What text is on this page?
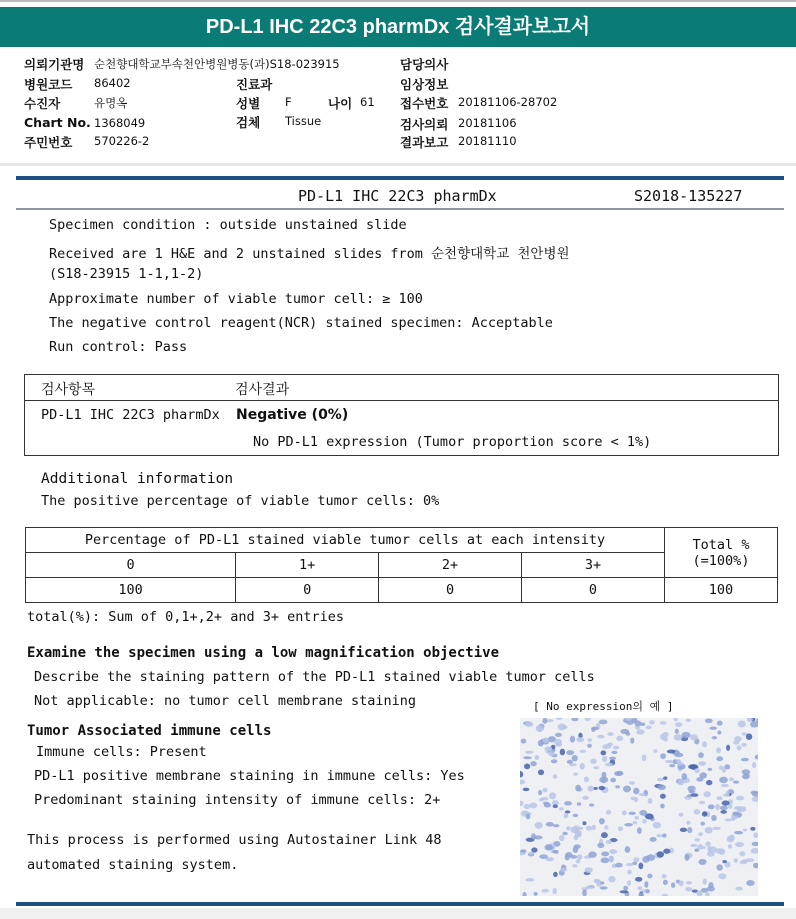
PD-L1 IHC 22C3 pharmDx 검사결과보고서
의뢰기관명 순천향대학교부속천안병원병동(과)S18-023915
병원코드 86402
수진자	유명옥
Chart No. 1368049
주민번호 570226-2
진료과
성별 F	나이 61
검체 Tissue
담당의사
임상정보
접수번호 20181106-28702
검사의뢰 20181106
결과보고 20181110
PD-L1 IHC 22C3 pharmDx	S2018-135227
Specimen condition : outside unstained slide
Received are 1 H&E and 2 unstained slides from 순천향대학교 천안병원
(S18-23915 1-1,1-2)
Approximate number of viable tumor cell: ≥ 100
The negative control reagent(NCR) stained specimen: Acceptable
Run control: Pass
검사항목	검사결과
PD-L1 IHC 22C3 pharmDx Negative (0%)
No PD-L1 expression (Tumor proportion score < 1%)
Additional information
The positive percentage of viable tumor cells: 0%
Percentage of PD-L1 stained viable tumor cells at each intensity				Total %
(=100%)
0	1+	2+	3+	
100	0	0	0	100
total(%): Sum of 0,1+,2+ and 3+ entries
Examine the specimen using a low magnification objective
Describe the staining pattern of the PD-L1 stained viable tumor cells
Not applicable: no tumor cell membrane staining
Tumor Associated immune cells
Immune cells: Present
PD-L1 positive membrane staining in immune cells: Yes
Predominant staining intensity of immune cells: 2+
This process is performed using Autostainer Link 48
automated staining system.
[ No expression의 예 ]
